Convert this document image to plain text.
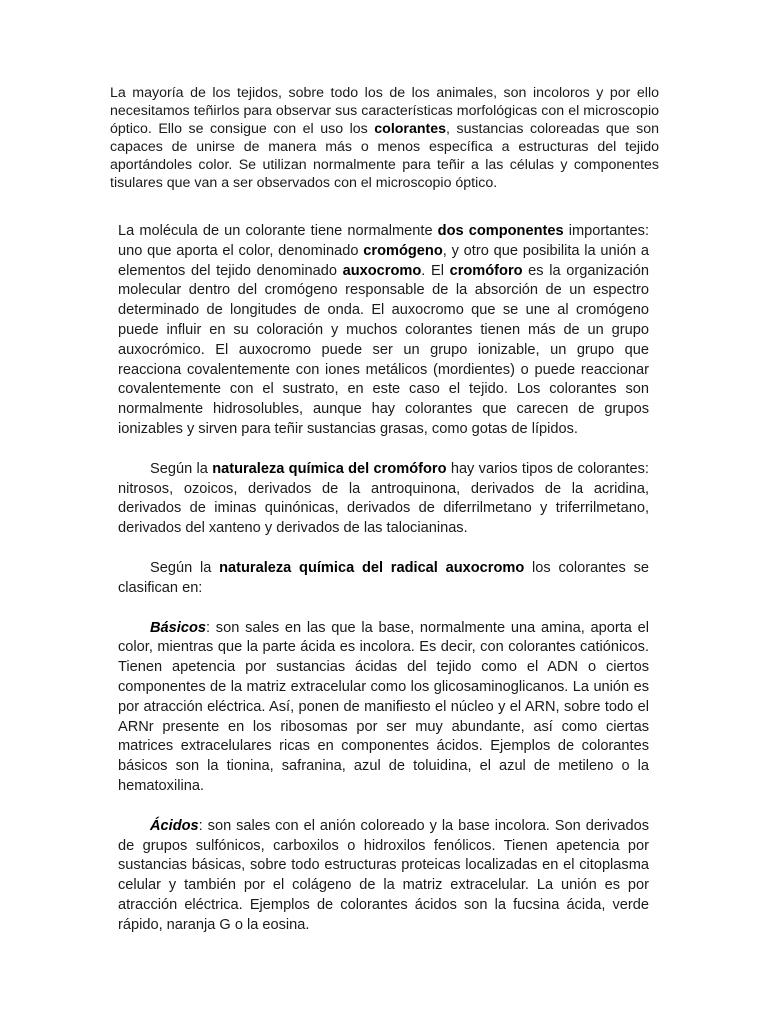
La mayoría de los tejidos, sobre todo los de los animales, son incoloros y por ello necesitamos teñirlos para observar sus características morfológicas con el microscopio óptico. Ello se consigue con el uso los colorantes, sustancias coloreadas que son capaces de unirse de manera más o menos específica a estructuras del tejido aportándoles color. Se utilizan normalmente para teñir a las células y componentes tisulares que van a ser observados con el microscopio óptico.

La molécula de un colorante tiene normalmente dos componentes importantes: uno que aporta el color, denominado cromógeno, y otro que posibilita la unión a elementos del tejido denominado auxocromo. El cromóforo es la organización molecular dentro del cromógeno responsable de la absorción de un espectro determinado de longitudes de onda. El auxocromo que se une al cromógeno puede influir en su coloración y muchos colorantes tienen más de un grupo auxocrómico. El auxocromo puede ser un grupo ionizable, un grupo que reacciona covalentemente con iones metálicos (mordientes) o puede reaccionar covalentemente con el sustrato, en este caso el tejido. Los colorantes son normalmente hidrosolubles, aunque hay colorantes que carecen de grupos ionizables y sirven para teñir sustancias grasas, como gotas de lípidos.

Según la naturaleza química del cromóforo hay varios tipos de colorantes: nitrosos, ozoicos, derivados de la antroquinona, derivados de la acridina, derivados de iminas quinónicas, derivados de diferrilmetano y triferrilmetano, derivados del xanteno y derivados de las talocianinas.

Según la naturaleza química del radical auxocromo los colorantes se clasifican en:

Básicos: son sales en las que la base, normalmente una amina, aporta el color, mientras que la parte ácida es incolora. Es decir, con colorantes catiónicos. Tienen apetencia por sustancias ácidas del tejido como el ADN o ciertos componentes de la matriz extracelular como los glicosaminoglicanos. La unión es por atracción eléctrica. Así, ponen de manifiesto el núcleo y el ARN, sobre todo el ARNr presente en los ribosomas por ser muy abundante, así como ciertas matrices extracelulares ricas en componentes ácidos. Ejemplos de colorantes básicos son la tionina, safranina, azul de toluidina, el azul de metileno o la hematoxilina.

Ácidos: son sales con el anión coloreado y la base incolora. Son derivados de grupos sulfónicos, carboxilos o hidroxilos fenólicos. Tienen apetencia por sustancias básicas, sobre todo estructuras proteicas localizadas en el citoplasma celular y también por el colágeno de la matriz extracelular. La unión es por atracción eléctrica. Ejemplos de colorantes ácidos son la fucsina ácida, verde rápido, naranja G o la eosina.
